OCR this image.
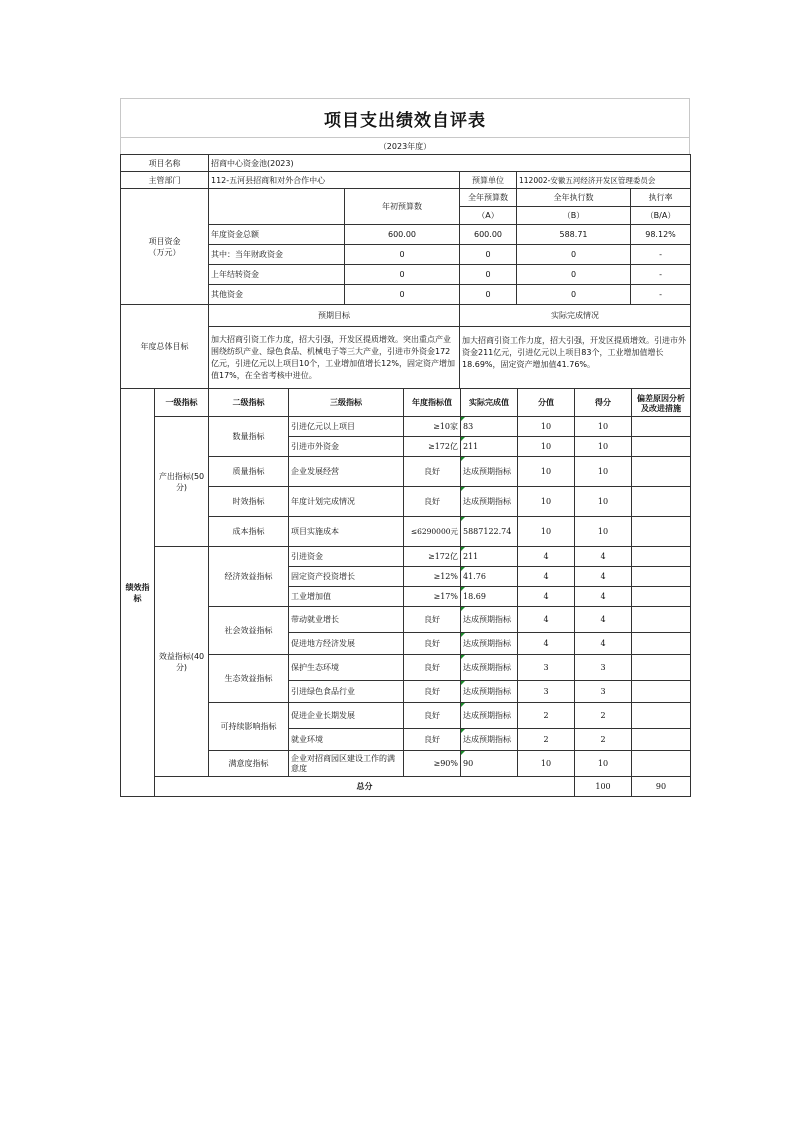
项目支出绩效自评表
（2023年度）
项目名称	招商中心资金池(2023)				
主管部门	112-五河县招商和对外合作中心		预算单位	112002-安徽五河经济开发区管理委员会	
项目资金
（万元）		年初预算数	全年预算数	全年执行数	执行率
			（A）	（B）	（B/A）
	年度资金总额	600.00	600.00	588.71	98.12%
	其中：当年财政资金	0	0	0	-
	上年结转资金	0	0	0	-
	其他资金	0	0	0	-
年度总体目标	预期目标		实际完成情况		
	加大招商引资工作力度，招大引强，开发区提质增效。突出重点产业围绕纺织产业、绿色食品、机械电子等三大产业，引进市外资金172亿元，引进亿元以上项目10个，工业增加值增长12%，固定资产增加值17%，在全省考核中进位。		加大招商引资工作力度，招大引强，开发区提质增效。引进市外资金211亿元，引进亿元以上项目83个，工业增加值增长18.69%，固定资产增加值41.76%。		
绩效指标	一级指标	二级指标	三级指标	年度指标值	实际完成值	分值	得分	偏差原因分析及改进措施	
	产出指标(50分)	数量指标	引进亿元以上项目	≥10家	83	10	10		
			引进市外资金	≥172亿	211	10	10		
		质量指标	企业发展经营	良好	达成预期指标	10	10		
		时效指标	年度计划完成情况	良好	达成预期指标	10	10		
		成本指标	项目实施成本	≤6290000元	5887122.74	10	10		
	效益指标(40分)	经济效益指标	引进资金	≥172亿	211	4	4		
			固定资产投资增长	≥12%	41.76	4	4		
			工业增加值	≥17%	18.69	4	4		
		社会效益指标	带动就业增长	良好	达成预期指标	4	4		
			促进地方经济发展	良好	达成预期指标	4	4		
		生态效益指标	保护生态环境	良好	达成预期指标	3	3		
			引进绿色食品行业	良好	达成预期指标	3	3		
		可持续影响指标	促进企业长期发展	良好	达成预期指标	2	2		
			就业环境	良好	达成预期指标	2	2		
		满意度指标	企业对招商园区建设工作的满意度	≥90%	90	10	10		
	总分						100	90	
